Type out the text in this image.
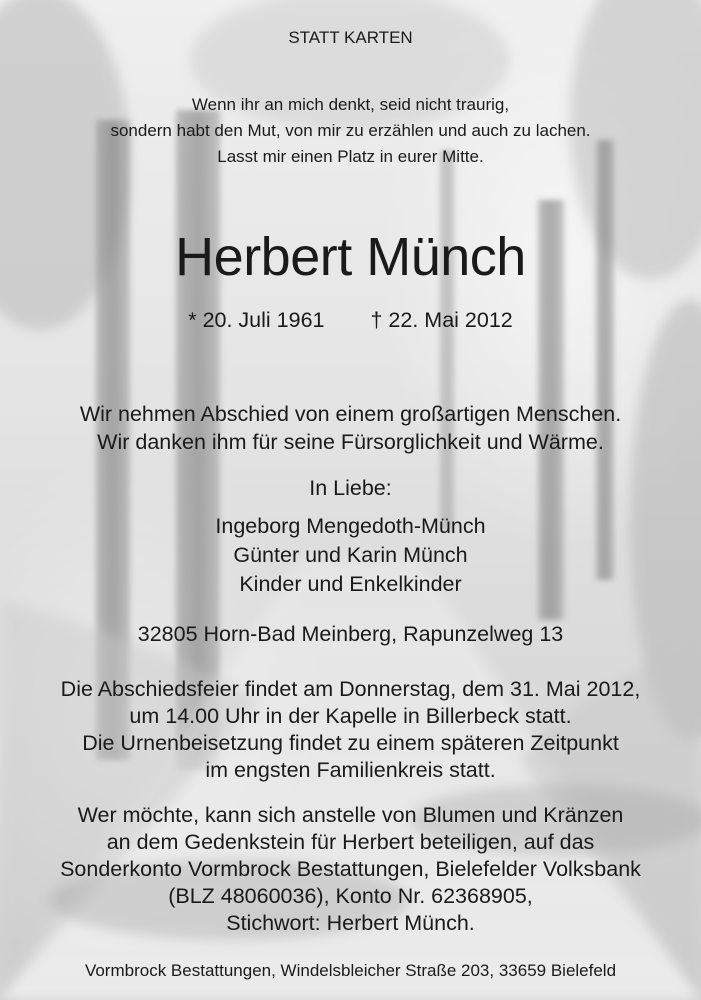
STATT KARTEN
Wenn ihr an mich denkt, seid nicht traurig,
sondern habt den Mut, von mir zu erzählen und auch zu lachen.
Lasst mir einen Platz in eurer Mitte.
Herbert Münch
* 20. Juli 1961 † 22. Mai 2012
Wir nehmen Abschied von einem großartigen Menschen.
Wir danken ihm für seine Fürsorglichkeit und Wärme.
In Liebe:
Ingeborg Mengedoth-Münch
Günter und Karin Münch
Kinder und Enkelkinder
32805 Horn-Bad Meinberg, Rapunzelweg 13
Die Abschiedsfeier findet am Donnerstag, dem 31. Mai 2012,
um 14.00 Uhr in der Kapelle in Billerbeck statt.
Die Urnenbeisetzung findet zu einem späteren Zeitpunkt
im engsten Familienkreis statt.
Wer möchte, kann sich anstelle von Blumen und Kränzen
an dem Gedenkstein für Herbert beteiligen, auf das
Sonderkonto Vormbrock Bestattungen, Bielefelder Volksbank
(BLZ 48060036), Konto Nr. 62368905,
Stichwort: Herbert Münch.
Vormbrock Bestattungen, Windelsbleicher Straße 203, 33659 Bielefeld
